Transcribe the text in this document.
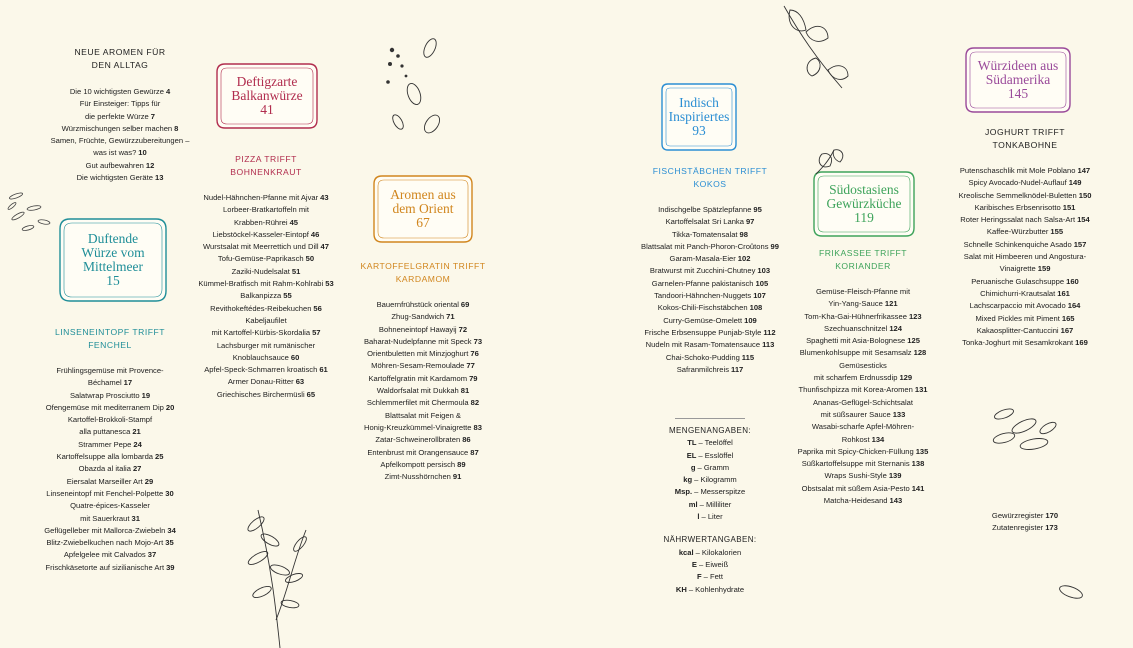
NEUE AROMEN FÜR
DEN ALLTAG
Die 10 wichtigsten Gewürze 4
Für Einsteiger: Tipps für
die perfekte Würze 7
Würzmischungen selber machen 8
Samen, Früchte, Gewürzzubereitungen –
was ist was? 10
Gut aufbewahren 12
Die wichtigsten Geräte 13
Duftende
Würze vom
Mittelmeer
15
LINSENEINTOPF TRIFFT
FENCHEL
Frühlingsgemüse mit Provence-
Béchamel 17
Salatwrap Prosciutto 19
Ofengemüse mit mediterranem Dip 20
Kartoffel-Brokkoli-Stampf
alla puttanesca 21
Strammer Pepe 24
Kartoffelsuppe alla lombarda 25
Obazda al italia 27
Eiersalat Marseiller Art 29
Linseneintopf mit Fenchel-Polpette 30
Quatre-épices-Kasseler
mit Sauerkraut 31
Geflügelleber mit Mallorca-Zwiebeln 34
Blitz-Zwiebelkuchen nach Mojo-Art 35
Apfelgelee mit Calvados 37
Frischkäsetorte auf sizilianische Art 39
Deftigzarte
Balkanwürze
41
PIZZA TRIFFT
BOHNENKRAUT
Nudel-Hähnchen-Pfanne mit Ajvar 43
Lorbeer-Bratkartoffeln mit
Krabben-Rührei 45
Liebstöckel-Kasseler-Eintopf 46
Wurstsalat mit Meerrettich und Dill 47
Tofu-Gemüse-Paprikasch 50
Zaziki-Nudelsalat 51
Kümmel-Bratfisch mit Rahm-Kohlrabi 53
Balkanpizza 55
Revithokeftédes-Reibekuchen 56
Kabeljaufilet
mit Kartoffel-Kürbis-Skordalia 57
Lachsburger mit rumänischer
Knoblauchsauce 60
Apfel-Speck-Schmarren kroatisch 61
Armer Donau-Ritter 63
Griechisches Birchermüsli 65
Aromen aus
dem Orient
67
KARTOFFELGRATIN TRIFFT
KARDAMOM
Bauernfrühstück oriental 69
Zhug-Sandwich 71
Bohneneintopf Hawayij 72
Baharat-Nudelpfanne mit Speck 73
Orientbuletten mit Minzjoghurt 76
Möhren-Sesam-Remoulade 77
Kartoffelgratin mit Kardamom 79
Waldorfsalat mit Dukkah 81
Schlemmerfilet mit Chermoula 82
Blattsalat mit Feigen &
Honig-Kreuzkümmel-Vinaigrette 83
Zatar-Schweinerollbraten 86
Entenbrust mit Orangensauce 87
Apfelkompott persisch 89
Zimt-Nusshörnchen 91
Indisch
Inspiriertes
93
FISCHSTÄBCHEN TRIFFT
KOKOS
Indischgelbe Spätzlepfanne 95
Kartoffelsalat Sri Lanka 97
Tikka-Tomatensalat 98
Blattsalat mit Panch-Phoron-Croûtons 99
Garam-Masala-Eier 102
Bratwurst mit Zucchini-Chutney 103
Garnelen-Pfanne pakistanisch 105
Tandoori-Hähnchen-Nuggets 107
Kokos-Chili-Fischstäbchen 108
Curry-Gemüse-Omelett 109
Frische Erbsensuppe Punjab-Style 112
Nudeln mit Rasam-Tomatensauce 113
Chai-Schoko-Pudding 115
Safranmilchreis 117
MENGENANGABEN:
TL – Teelöffel
EL – Esslöffel
g – Gramm
kg – Kilogramm
Msp. – Messerspitze
ml – Milliliter
l – Liter
NÄHRWERTANGABEN:
kcal – Kilokalorien
E – Eiweiß
F – Fett
KH – Kohlenhydrate
Südostasiens
Gewürzküche
119
FRIKASSEE TRIFFT
KORIANDER
Gemüse-Fleisch-Pfanne mit
Yin-Yang-Sauce 121
Tom-Kha-Gai-Hühnerfrikassee 123
Szechuanschnitzel 124
Spaghetti mit Asia-Bolognese 125
Blumenkohlsuppe mit Sesamsalz 128
Gemüsesticks
mit scharfem Erdnussdip 129
Thunfischpizza mit Korea-Aromen 131
Ananas-Geflügel-Schichtsalat
mit süßsaurer Sauce 133
Wasabi-scharfe Apfel-Möhren-
Rohkost 134
Paprika mit Spicy-Chicken-Füllung 135
Süßkartoffelsuppe mit Sternanis 138
Wraps Sushi-Style 139
Obstsalat mit süßem Asia-Pesto 141
Matcha-Heidesand 143
Würzideen aus
Südamerika
145
JOGHURT TRIFFT
TONKABOHNE
Putenschaschlik mit Mole Poblano 147
Spicy Avocado-Nudel-Auflauf 149
Kreolische Semmelknödel-Buletten 150
Karibisches Erbsenrisotto 151
Roter Heringssalat nach Salsa-Art 154
Kaffee-Würzbutter 155
Schnelle Schinkenquiche Asado 157
Salat mit Himbeeren und Angostura-
Vinaigrette 159
Peruanische Gulaschsuppe 160
Chimichurri-Krautsalat 161
Lachscarpaccio mit Avocado 164
Mixed Pickles mit Piment 165
Kakaosplitter-Cantuccini 167
Tonka-Joghurt mit Sesamkrokant 169
Gewürzregister 170
Zutatenregister 173
